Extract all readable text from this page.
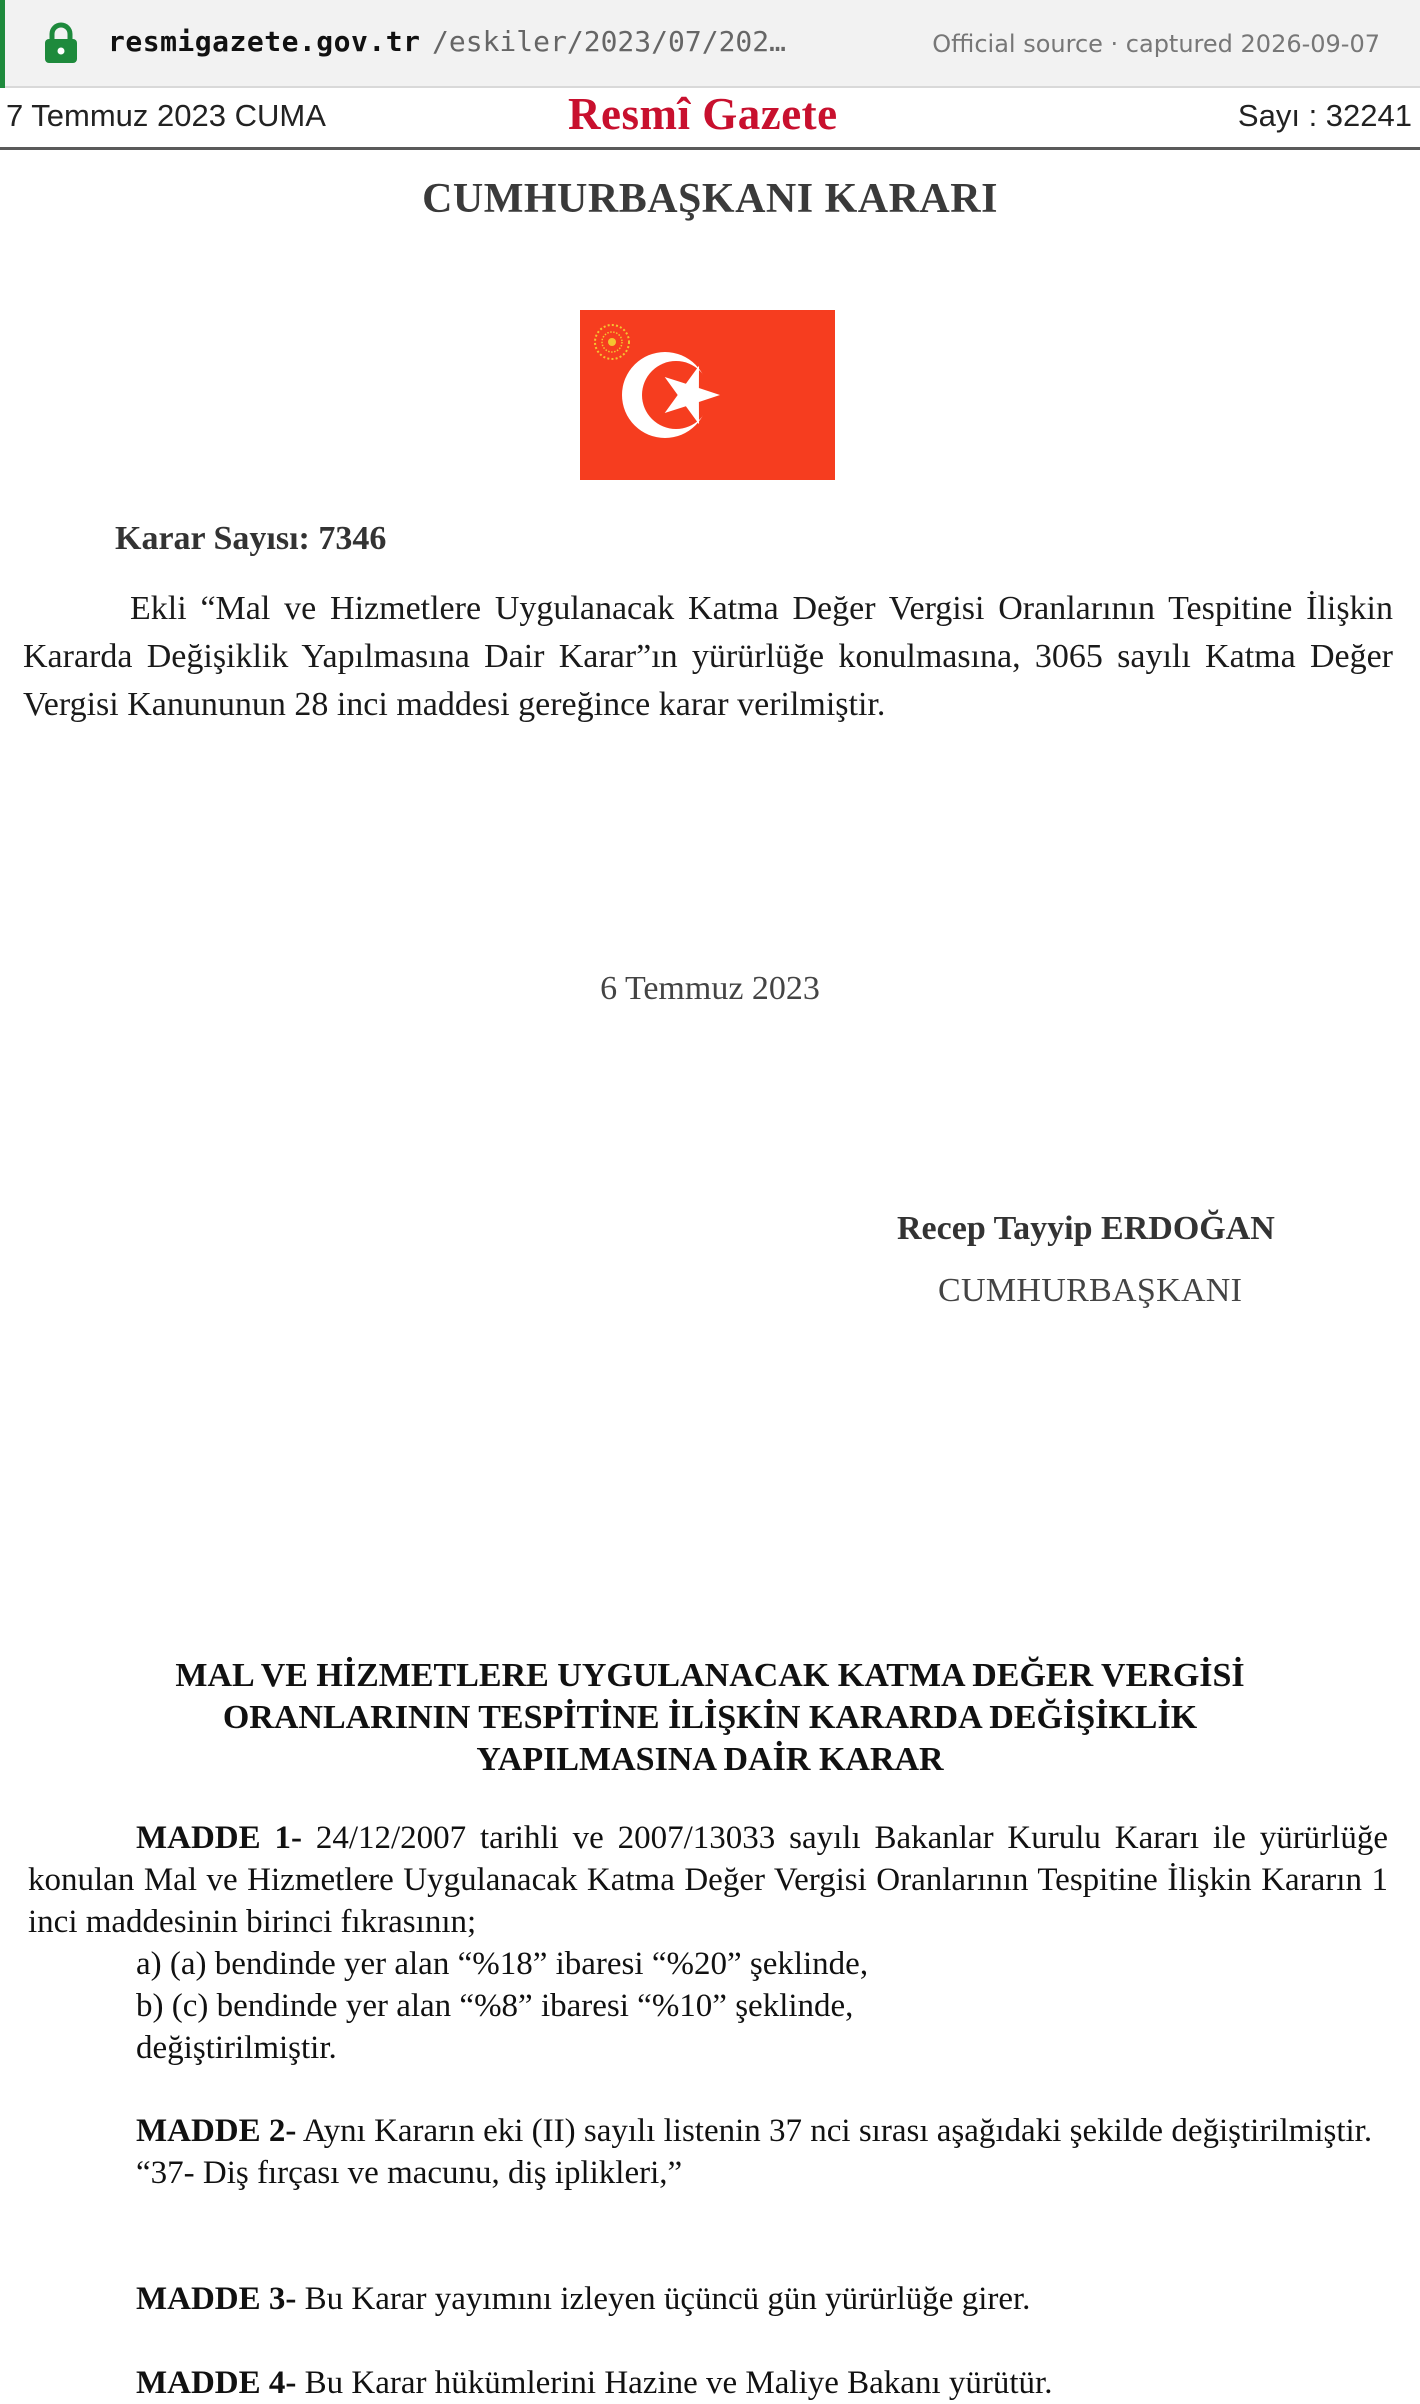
resmigazete.gov.tr /eskiler/2023/07/202…	Official source · captured 2026-09-07
7 Temmuz 2023 CUMA	Resmî Gazete	Sayı : 32241
CUMHURBAŞKANI KARARI
Karar Sayısı: 7346

Ekli “Mal ve Hizmetlere Uygulanacak Katma Değer Vergisi Oranlarının Tespitine İlişkin Kararda Değişiklik Yapılmasına Dair Karar”ın yürürlüğe konulmasına, 3065 sayılı Katma Değer Vergisi Kanununun 28 inci maddesi gereğince karar verilmiştir.

6 Temmuz 2023
Recep Tayyip ERDOĞAN
CUMHURBAŞKANI
MAL VE HİZMETLERE UYGULANACAK KATMA DEĞER VERGİSİ
ORANLARININ TESPİTİNE İLİŞKİN KARARDA DEĞİŞİKLİK
YAPILMASINA DAİR KARAR

MADDE 1- 24/12/2007 tarihli ve 2007/13033 sayılı Bakanlar Kurulu Kararı ile yürürlüğe konulan Mal ve Hizmetlere Uygulanacak Katma Değer Vergisi Oranlarının Tespitine İlişkin Kararın 1 inci maddesinin birinci fıkrasının;

a) (a) bendinde yer alan “%18” ibaresi “%20” şeklinde,

b) (c) bendinde yer alan “%8” ibaresi “%10” şeklinde,

değiştirilmiştir.

MADDE 2- Aynı Kararın eki (II) sayılı listenin 37 nci sırası aşağıdaki şekilde değiştirilmiştir.

“37- Diş fırçası ve macunu, diş iplikleri,”

MADDE 3- Bu Karar yayımını izleyen üçüncü gün yürürlüğe girer.

MADDE 4- Bu Karar hükümlerini Hazine ve Maliye Bakanı yürütür.
